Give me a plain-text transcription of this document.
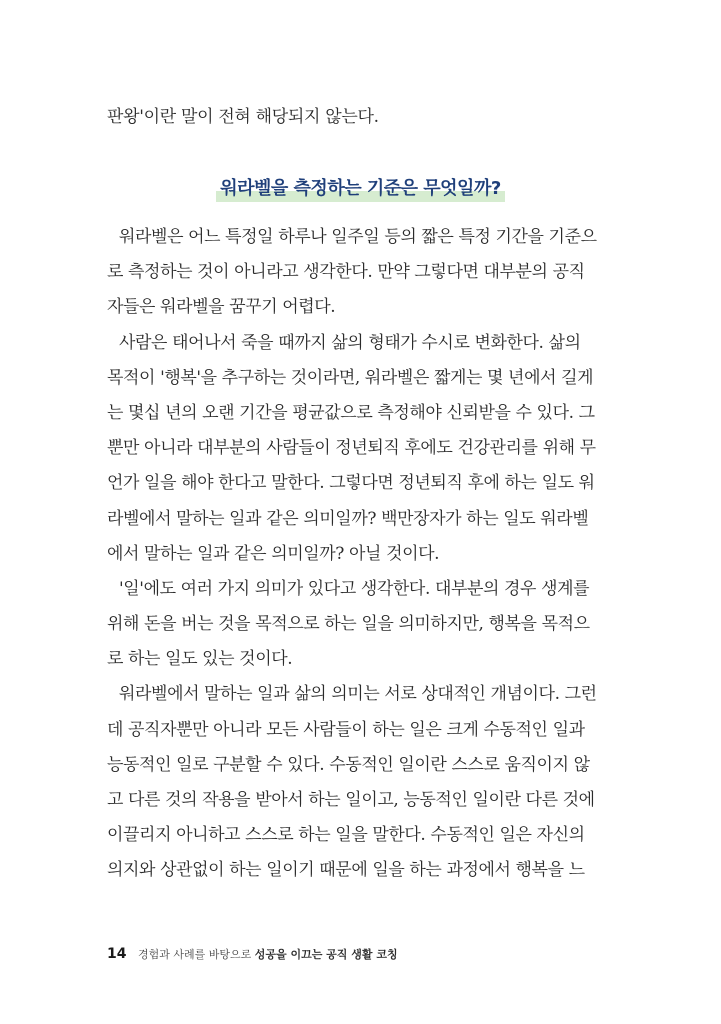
판왕'이란 말이 전혀 해당되지 않는다.
워라벨을 측정하는 기준은 무엇일까?
워라벨은 어느 특정일 하루나 일주일 등의 짧은 특정 기간을 기준으
로 측정하는 것이 아니라고 생각한다. 만약 그렇다면 대부분의 공직
자들은 워라벨을 꿈꾸기 어렵다.
사람은 태어나서 죽을 때까지 삶의 형태가 수시로 변화한다. 삶의
목적이 '행복'을 추구하는 것이라면, 워라벨은 짧게는 몇 년에서 길게
는 몇십 년의 오랜 기간을 평균값으로 측정해야 신뢰받을 수 있다. 그
뿐만 아니라 대부분의 사람들이 정년퇴직 후에도 건강관리를 위해 무
언가 일을 해야 한다고 말한다. 그렇다면 정년퇴직 후에 하는 일도 워
라벨에서 말하는 일과 같은 의미일까? 백만장자가 하는 일도 워라벨
에서 말하는 일과 같은 의미일까? 아닐 것이다.
'일'에도 여러 가지 의미가 있다고 생각한다. 대부분의 경우 생계를
위해 돈을 버는 것을 목적으로 하는 일을 의미하지만, 행복을 목적으
로 하는 일도 있는 것이다.
워라벨에서 말하는 일과 삶의 의미는 서로 상대적인 개념이다. 그런
데 공직자뿐만 아니라 모든 사람들이 하는 일은 크게 수동적인 일과
능동적인 일로 구분할 수 있다. 수동적인 일이란 스스로 움직이지 않
고 다른 것의 작용을 받아서 하는 일이고, 능동적인 일이란 다른 것에
이끌리지 아니하고 스스로 하는 일을 말한다. 수동적인 일은 자신의
의지와 상관없이 하는 일이기 때문에 일을 하는 과정에서 행복을 느
14 경험과 사례를 바탕으로 성공을 이끄는 공직 생활 코칭
